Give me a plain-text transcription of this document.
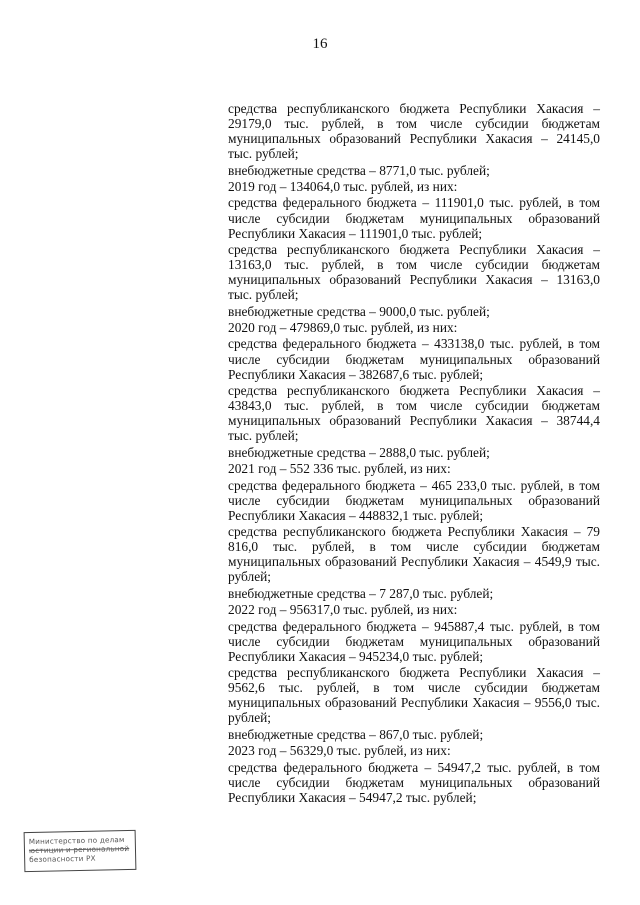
16

средства республиканского бюджета Республики Хакасия – 29179,0 тыс. рублей, в том числе субсидии бюджетам муниципальных образований Республики Хакасия – 24145,0 тыс. рублей;

внебюджетные средства – 8771,0 тыс. рублей;

2019 год – 134064,0 тыс. рублей, из них:

средства федерального бюджета – 111901,0 тыс. рублей, в том числе субсидии бюджетам муниципальных образований Республики Хакасия – 111901,0 тыс. рублей;

средства республиканского бюджета Республики Хакасия – 13163,0 тыс. рублей, в том числе субсидии бюджетам муниципальных образований Республики Хакасия – 13163,0 тыс. рублей;

внебюджетные средства – 9000,0 тыс. рублей;

2020 год – 479869,0 тыс. рублей, из них:

средства федерального бюджета – 433138,0 тыс. рублей, в том числе субсидии бюджетам муниципальных образований Республики Хакасия – 382687,6 тыс. рублей;

средства республиканского бюджета Республики Хакасия – 43843,0 тыс. рублей, в том числе субсидии бюджетам муниципальных образований Республики Хакасия – 38744,4 тыс. рублей;

внебюджетные средства – 2888,0 тыс. рублей;

2021 год – 552 336 тыс. рублей, из них:

средства федерального бюджета – 465 233,0 тыс. рублей, в том числе субсидии бюджетам муниципальных образований Республики Хакасия – 448832,1 тыс. рублей;

средства республиканского бюджета Республики Хакасия – 79 816,0 тыс. рублей, в том числе субсидии бюджетам муниципальных образований Республики Хакасия – 4549,9 тыс. рублей;

внебюджетные средства – 7 287,0 тыс. рублей;

2022 год – 956317,0 тыс. рублей, из них:

средства федерального бюджета – 945887,4 тыс. рублей, в том числе субсидии бюджетам муниципальных образований Республики Хакасия – 945234,0 тыс. рублей;

средства республиканского бюджета Республики Хакасия – 9562,6 тыс. рублей, в том числе субсидии бюджетам муниципальных образований Республики Хакасия – 9556,0 тыс. рублей;

внебюджетные средства – 867,0 тыс. рублей;

2023 год – 56329,0 тыс. рублей, из них:

средства федерального бюджета – 54947,2 тыс. рублей, в том числе субсидии бюджетам муниципальных образований Республики Хакасия – 54947,2 тыс. рублей;

Министерство по делам
юстиции и региональной
безопасности РХ
